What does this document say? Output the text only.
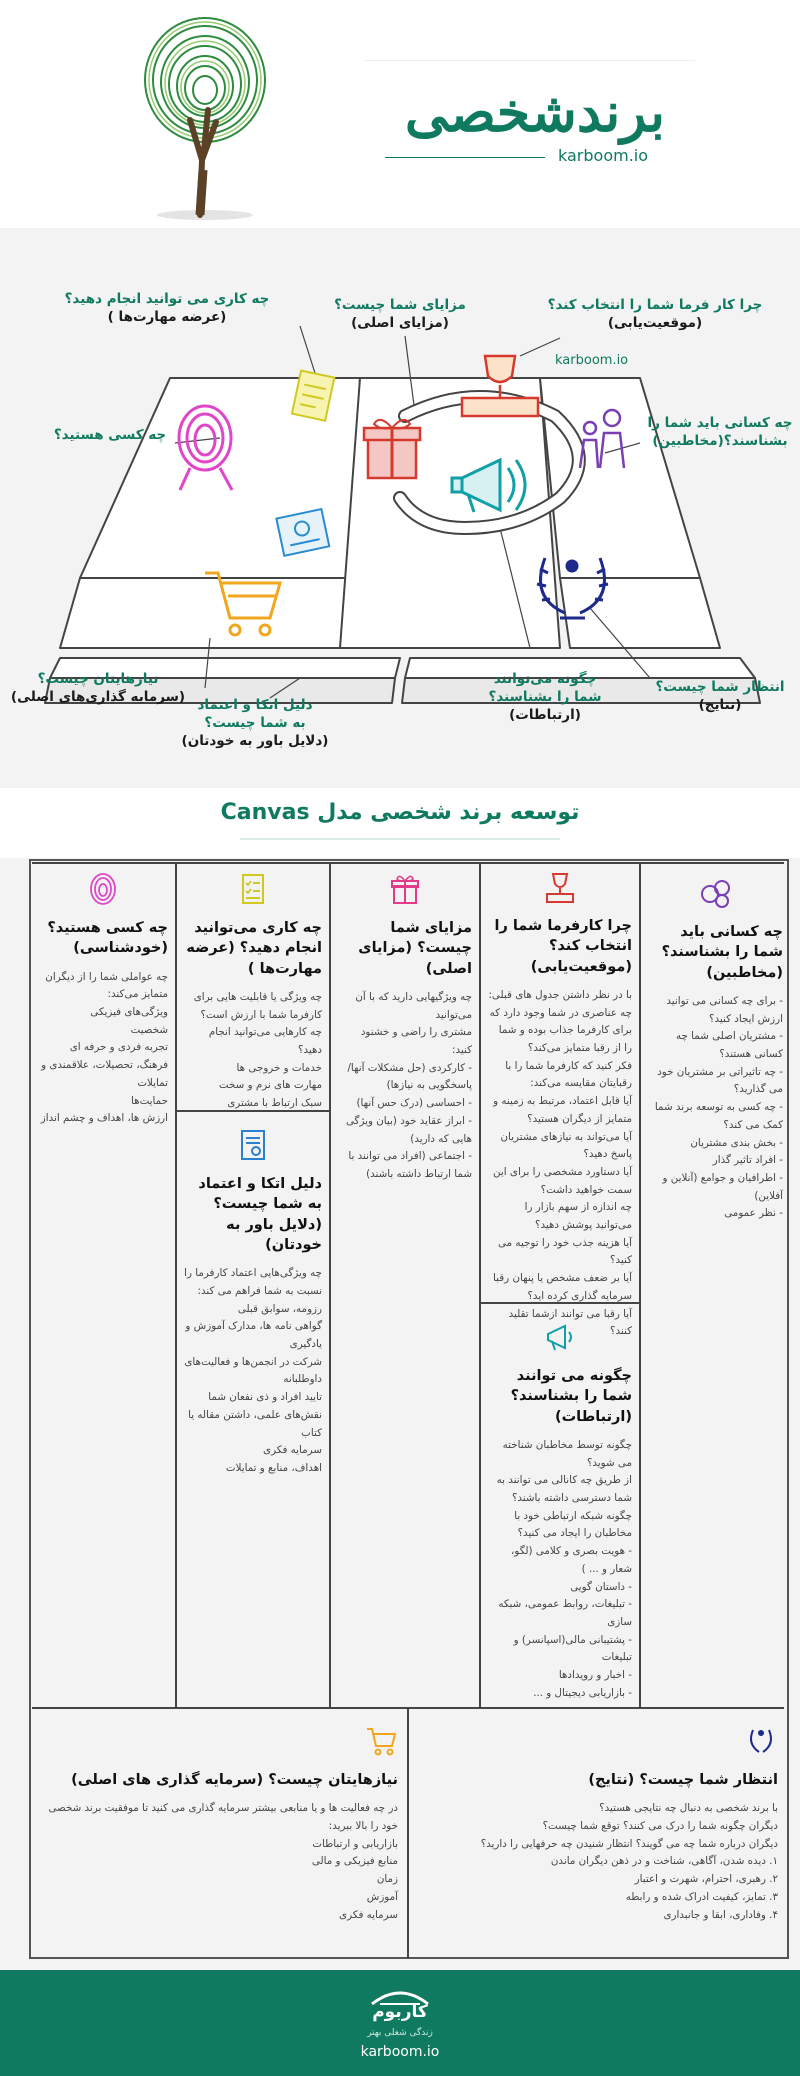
برندشخصی
karboom.io
karboom.io
چه کاری می توانید انجام دهید؟
(عرضه مهارت‌ها )
مزایای شما چیست؟
(مزایای اصلی)
چرا کار فرما شما را انتخاب کند؟
(موقعیت‌یابی)
چه کسی هستید؟
چه کسانی باید شما را
بشناسند؟(مخاطبین)
نیازهایتان چیست؟
(سرمایه گذاری‌های اصلی) دلیل اتکا و اعتماد
به شما چیست؟
(دلایل باور به خودتان)
چگونه می‌توانند
شما را بشناسند؟
(ارتباطات)
انتظار شما چیست؟
(نتایج)
توسعه برند شخصی مدل Canvas
چه کسانی باید شما را بشناسند؟(مخاطبین)
- برای چه کسانی می توانید ارزش ایجاد کنید؟
- مشتریان اصلی شما چه کسانی هستند؟
- چه تاثیراتی بر مشتریان خود می گذارید؟
- چه کسی به توسعه برند شما کمک می کند؟
- بخش بندی مشتریان
- افراد تاثیر گذار
- اطرافیان و جوامع (آنلاین و آفلاین)
- نظر عمومی
چرا کارفرما شما را انتخاب کند؟(موقعیت‌یابی)
با در نظر داشتن جدول های قبلی:
چه عناصری در شما وجود دارد که برای کارفرما جذاب بوده و شما را از رقبا متمایز می‌کند؟
فکر کنید که کارفرما شما را با رقبایتان مقایسه می‌کند:
آیا قابل اعتماد، مرتبط به زمینه و متمایز از دیگران هستید؟
آیا می‌تواند به نیازهای مشتریان پاسخ دهید؟
آیا دستاورد مشخصی را برای این سمت خواهید داشت؟
چه اندازه از سهم بازار را می‌توانید پوشش دهید؟
آیا هزینه جذب خود را توجیه می کنید؟
آیا بر ضعف مشخص یا پنهان رقبا سرمایه گذاری کرده اید؟
آیا رقبا می توانند ازشما تقلید کنند؟
چگونه می توانند شما را بشناسند؟ (ارتباطات)
چگونه توسط مخاطبان شناخته می شوید؟
از طریق چه کانالی می توانند به شما دسترسی داشته باشند؟
چگونه شبکه ارتباطی خود با مخاطبان را ایجاد می کنید؟
- هویت بصری و کلامی (لگو، شعار و ... )
- داستان گویی
- تبلیغات، روابط عمومی، شبکه سازی
- پشتیبانی مالی(اسپانسر) و تبلیغات
- اخبار و رویدادها
- بازاریابی دیجیتال و ...
مزایای شما چیست؟ (مزایای اصلی)
چه ویژگیهایی دارید که با آن می‌توانید
مشتری را راضی و خشنود کنید:
- کارکردی (حل مشکلات آنها/ پاسخگویی به نیازها)
- احساسی (درک حس آنها)
- ابراز عقاید خود (بیان ویژگی هایی که دارید)
- اجتماعی (افراد می توانند با شما ارتباط داشته باشند)
چه کاری می‌توانید انجام دهید؟ (عرضه مهارت‌ها )
چه ویژگی یا قابلیت هایی برای کارفرما شما با ارزش است؟
چه کارهایی می‌توانید انجام دهید؟
خدمات و خروجی ها
مهارت های نرم و سخت
سبک ارتباط با مشتری
دلیل اتکا و اعتماد به شما چیست؟ (دلایل باور به خودتان)
چه ویژگی‌هایی اعتماد کارفرما را نسبت به شما فراهم می کند:
رزومه، سوابق قبلی
گواهی نامه ها، مدارک آموزش و یادگیری
شرکت در انجمن‌ها و فعالیت‌های داوطلبانه
تایید افراد و ذی نفعان شما
نقش‌های علمی، داشتن مقاله یا کتاب
سرمایه فکری
اهداف، منابع و تمایلات
چه کسی هستید؟ (خودشناسی)
چه عواملی شما را از دیگران متمایز می‌کند:
ویژگی‌های فیزیکی
شخصیت
تجربه فردی و حرفه ای
فرهنگ، تحصیلات، علاقمندی و تمایلات
حمایت‌ها
ارزش ها، اهداف و چشم انداز
نیازهایتان چیست؟ (سرمایه گذاری های اصلی)
در چه فعالیت ها و یا منابعی بیشتر سرمایه گذاری می کنید تا موفقیت برند شخصی خود را بالا ببرید:
بازاریابی و ارتباطات
منابع فیزیکی و مالی
زمان
آموزش
سرمایه فکری
انتظار شما چیست؟ (نتایج)
با برند شخصی به دنبال چه نتایجی هستید؟
دیگران چگونه شما را درک می کنند؟ توقع شما چیست؟
دیگران درباره شما چه می گویند؟ انتظار شنیدن چه حرفهایی را دارید؟
۱. دیده شدن، آگاهی، شناخت و در ذهن دیگران ماندن
۲. رهبری، احترام، شهرت و اعتبار
۳. تمایز، کیفیت ادراک شده و رابطه
۴. وفاداری، ابقا و جانبداری
کاربوم
زندگی شغلی بهتر
karboom.io
